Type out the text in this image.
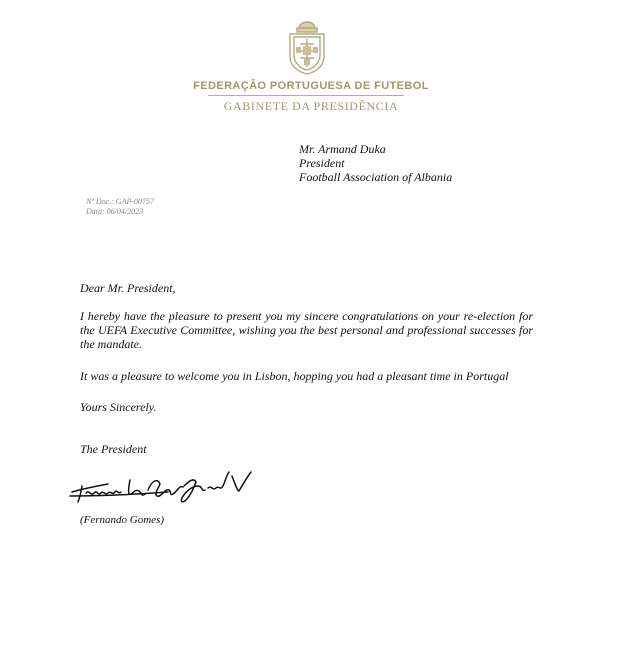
FEDERAÇÃO PORTUGUESA DE FUTEBOL
GABINETE DA PRESIDÊNCIA
Mr. Armand Duka
President
Football Association of Albania
Nº Doc.: GAP-00757
Data: 06/04/2023
Dear Mr. President,
I hereby have the pleasure to present you my sincere congratulations on your re-election for the UEFA Executive Committee, wishing you the best personal and professional successes for the mandate.
It was a pleasure to welcome you in Lisbon, hopping you had a pleasant time in Portugal
Yours Sincerely.
The President
(Fernando Gomes)
